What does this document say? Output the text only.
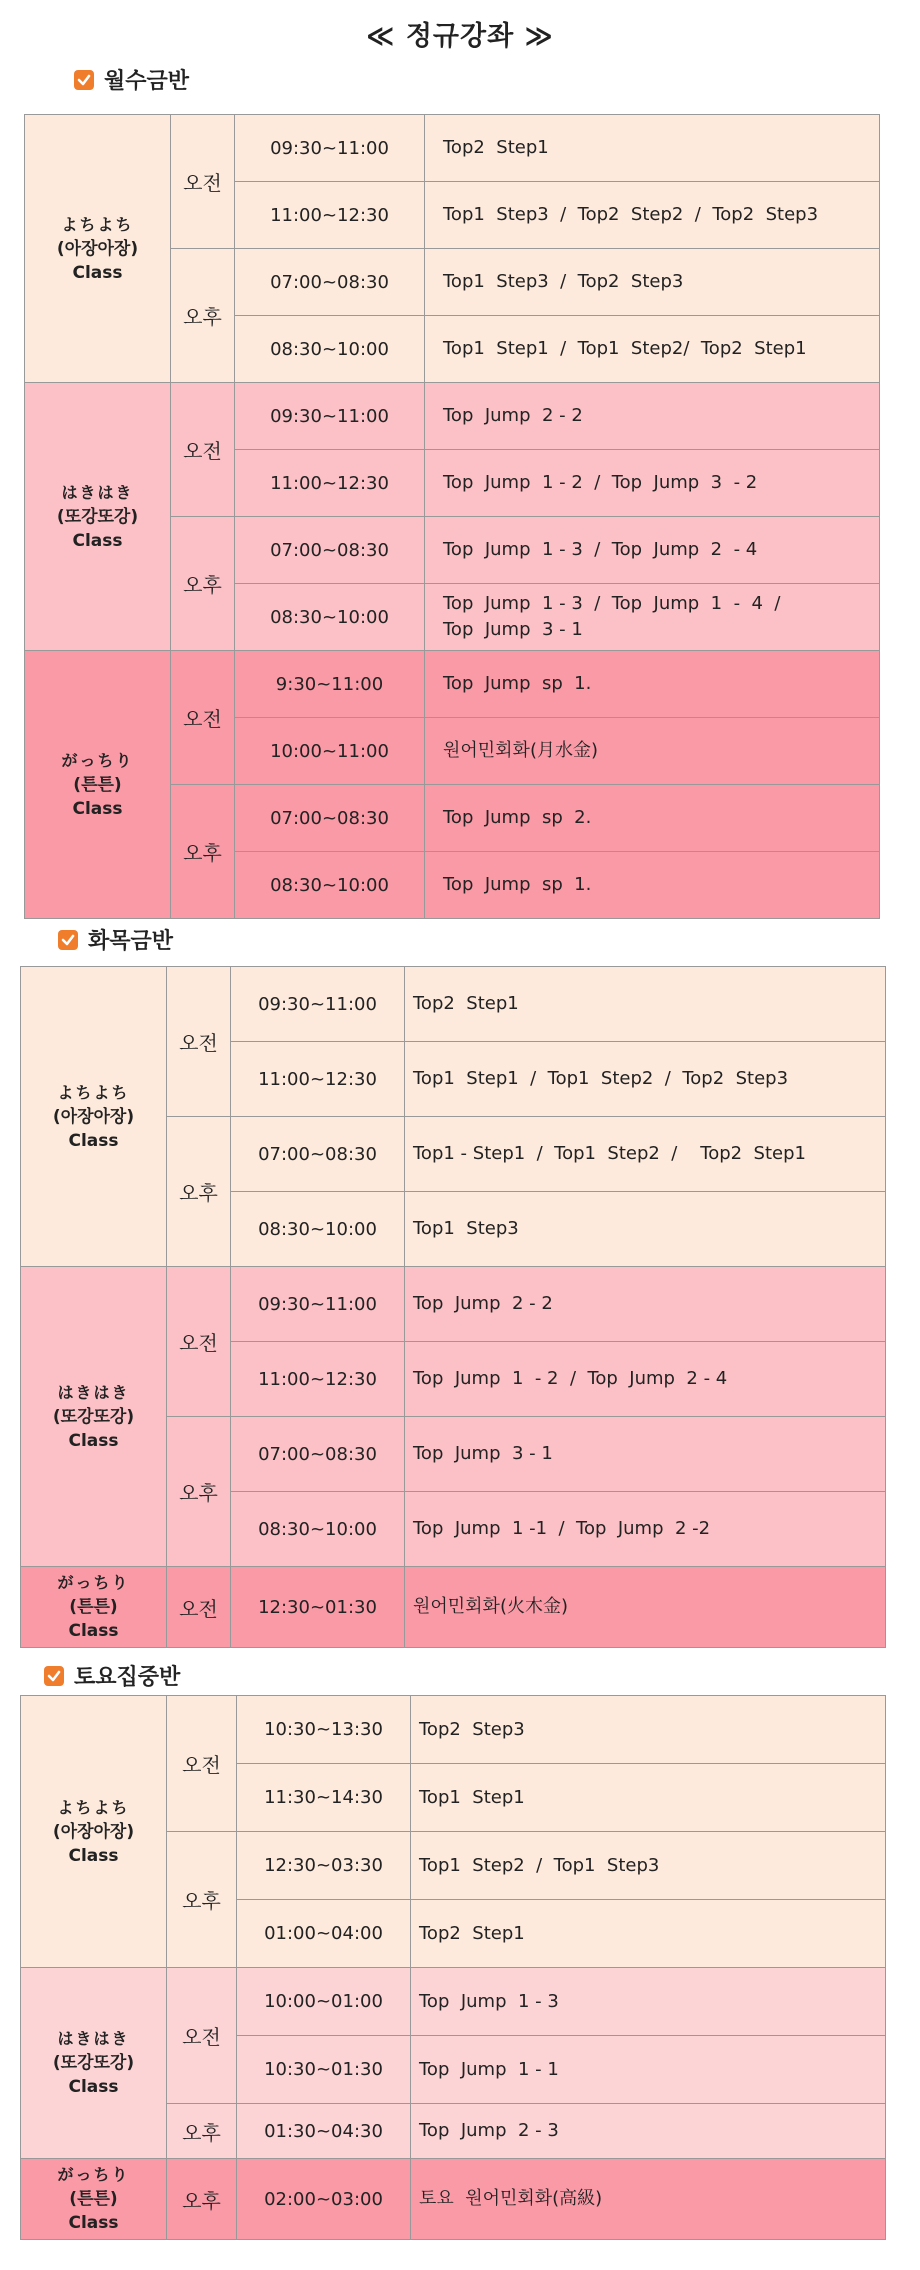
≪ 정규강좌 ≫
월수금반
よちよち
(아장아장)
Class	오전	09:30~11:00	Top2  Step1

		11:00~12:30	Top1  Step3  /  Top2  Step2  /  Top2  Step3

	오후	07:00~08:30	Top1  Step3  /  Top2  Step3

		08:30~10:00	Top1  Step1  /  Top1  Step2/  Top2  Step1

はきはき
(또강또강)
Class	오전	09:30~11:00	Top  Jump  2 - 2

		11:00~12:30	Top  Jump  1 - 2  /  Top  Jump  3  - 2

	오후	07:00~08:30	Top  Jump  1 - 3  /  Top  Jump  2  - 4

		08:30~10:00	Top  Jump  1 - 3  /  Top  Jump  1  -  4  /
Top  Jump  3 - 1

がっちり
(튼튼)
Class	오전	9:30~11:00	Top  Jump  sp  1.

		10:00~11:00	원어민회화(月水金)

	오후	07:00~08:30	Top  Jump  sp  2.

		08:30~10:00	Top  Jump  sp  1.
화목금반
よちよち
(아장아장)
Class	오전	09:30~11:00	Top2  Step1

		11:00~12:30	Top1  Step1  /  Top1  Step2  /  Top2  Step3

	오후	07:00~08:30	Top1 - Step1  /  Top1  Step2  /    Top2  Step1

		08:30~10:00	Top1  Step3

はきはき
(또강또강)
Class	오전	09:30~11:00	Top  Jump  2 - 2

		11:00~12:30	Top  Jump  1  - 2  /  Top  Jump  2 - 4

	오후	07:00~08:30	Top  Jump  3 - 1

		08:30~10:00	Top  Jump  1 -1  /  Top  Jump  2 -2

がっちり
(튼튼)
Class	오전	12:30~01:30	원어민회화(火木金)
토요집중반
よちよち
(아장아장)
Class	오전	10:30~13:30	Top2  Step3

		11:30~14:30	Top1  Step1

	오후	12:30~03:30	Top1  Step2  /  Top1  Step3

		01:00~04:00	Top2  Step1

はきはき
(또강또강)
Class	오전	10:00~01:00	Top  Jump  1 - 3

		10:30~01:30	Top  Jump  1 - 1

	오후	01:30~04:30	Top  Jump  2 - 3

がっちり
(튼튼)
Class	오후	02:00~03:00	토요  원어민회화(高級)
